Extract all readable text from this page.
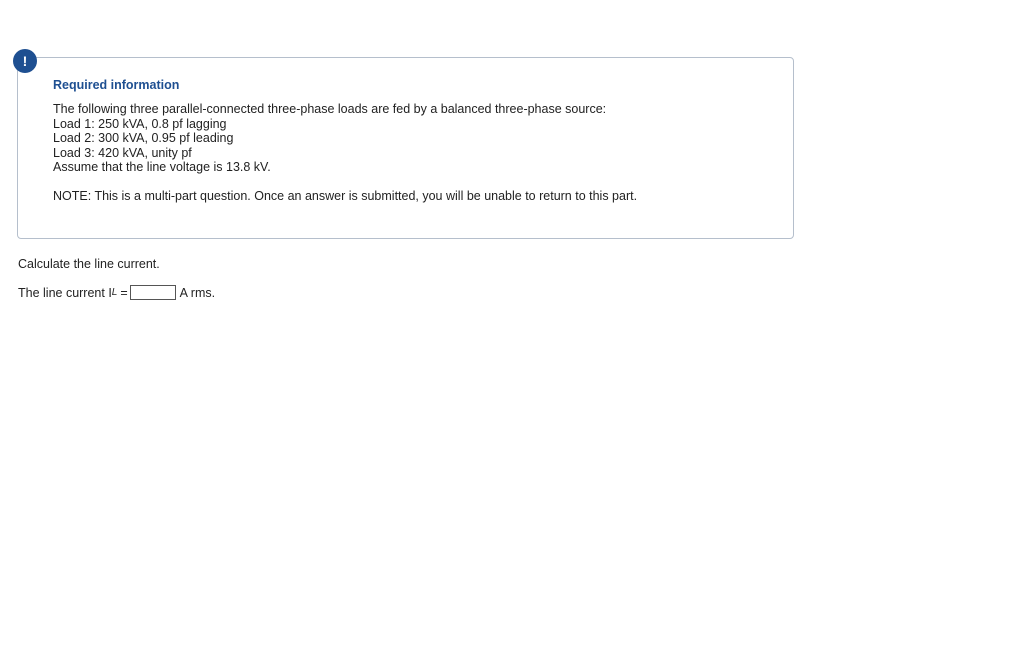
!
Required information
The following three parallel-connected three-phase loads are fed by a balanced three-phase source:
Load 1: 250 kVA, 0.8 pf lagging
Load 2: 300 kVA, 0.95 pf leading
Load 3: 420 kVA, unity pf
Assume that the line voltage is 13.8 kV.
NOTE: This is a multi-part question. Once an answer is submitted, you will be unable to return to this part.
Calculate the line current.
The line current I L =	A rms.
